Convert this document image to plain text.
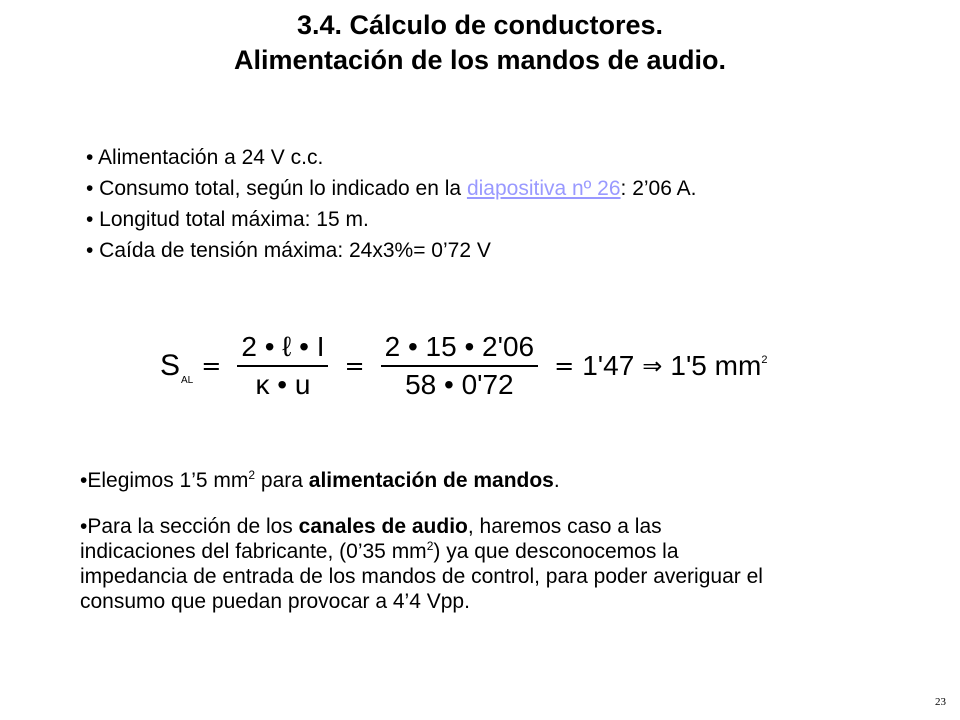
3.4. Cálculo de conductores.
Alimentación de los mandos de audio.
• Alimentación a 24 V c.c.
• Consumo total, según lo indicado en la diapositiva nº 26: 2’06 A.
• Longitud total máxima: 15 m.
• Caída de tensión máxima: 24x3%= 0’72 V
$S_{AL}$
= $\frac{\text{2 • ℓ • I}}{\kappa • u} = \frac{2 • 15 • 2'06}{58 • 0'72} = 1'47$ ⇒ 1'5 $mm^2$
•Elegimos 1’5 $mm^2$ para alimentación de mandos.
•Para la sección de los canales de audio, haremos caso a las indicaciones del fabricante, (0’35 $mm^2$) ya que desconocemos la impedancia de entrada de los mandos de control, para poder averiguar el consumo que puedan provocar a 4’4 Vpp.
23
